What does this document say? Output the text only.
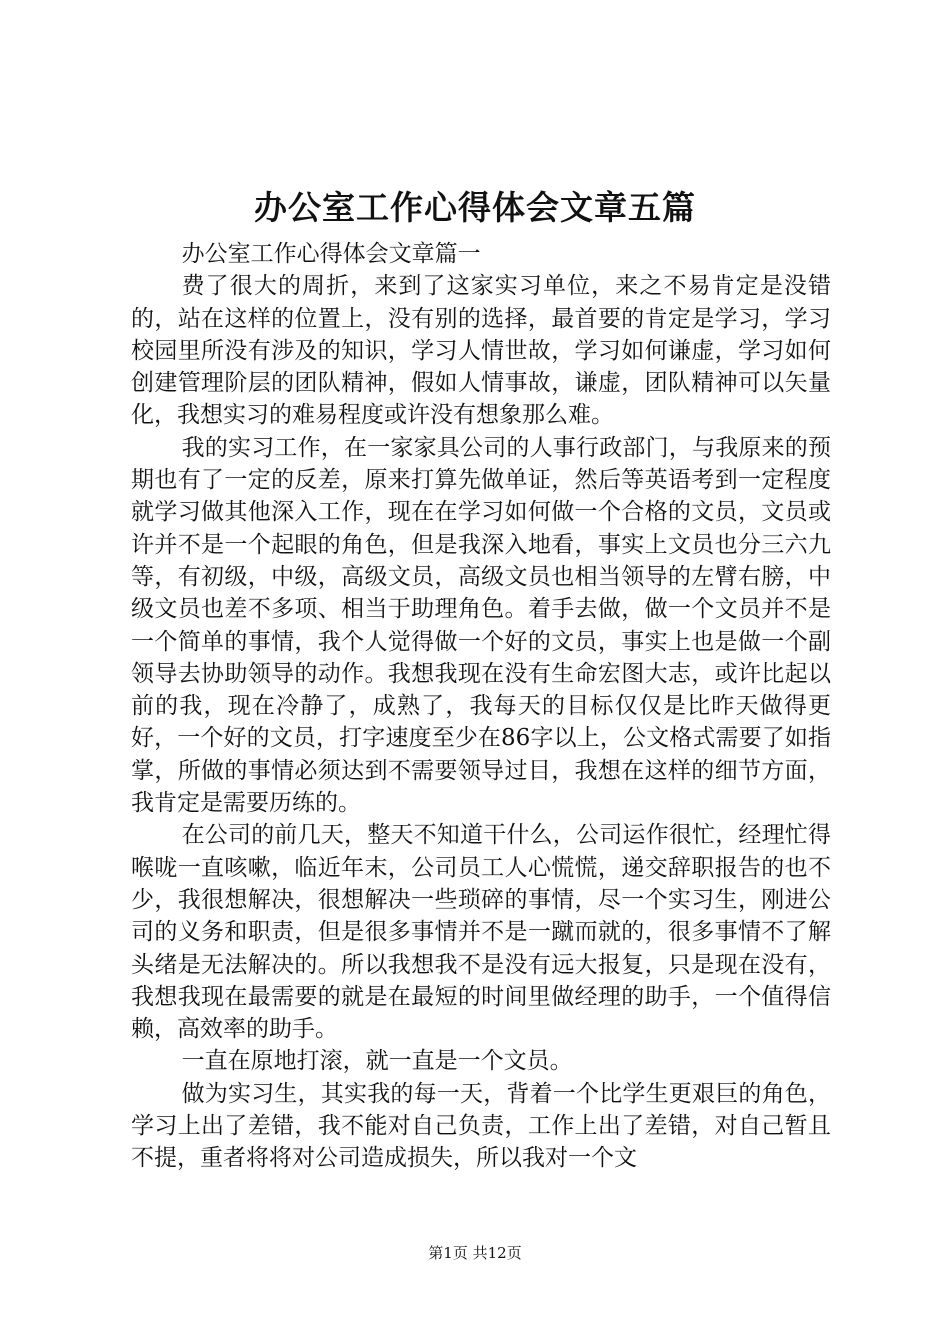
办公室工作心得体会文章五篇

办公室工作心得体会文章篇一

费了很大的周折，来到了这家实习单位，来之不易肯定是没错的，站在这样的位置上，没有别的选择，最首要的肯定是学习，学习校园里所没有涉及的知识，学习人情世故，学习如何谦虚，学习如何创建管理阶层的团队精神，假如人情事故，谦虚，团队精神可以矢量化，我想实习的难易程度或许没有想象那么难。

我的实习工作，在一家家具公司的人事行政部门，与我原来的预期也有了一定的反差，原来打算先做单证，然后等英语考到一定程度就学习做其他深入工作，现在在学习如何做一个合格的文员，文员或许并不是一个起眼的角色，但是我深入地看，事实上文员也分三六九等，有初级，中级，高级文员，高级文员也相当领导的左臂右膀，中级文员也差不多项、相当于助理角色。着手去做，做一个文员并不是一个简单的事情，我个人觉得做一个好的文员，事实上也是做一个副领导去协助领导的动作。我想我现在没有生命宏图大志，或许比起以前的我，现在冷静了，成熟了，我每天的目标仅仅是比昨天做得更好，一个好的文员，打字速度至少在86字以上，公文格式需要了如指掌，所做的事情必须达到不需要领导过目，我想在这样的细节方面，我肯定是需要历练的。

在公司的前几天，整天不知道干什么，公司运作很忙，经理忙得喉咙一直咳嗽，临近年末，公司员工人心慌慌，递交辞职报告的也不少，我很想解决，很想解决一些琐碎的事情，尽一个实习生，刚进公司的义务和职责，但是很多事情并不是一蹴而就的，很多事情不了解头绪是无法解决的。所以我想我不是没有远大报复，只是现在没有，我想我现在最需要的就是在最短的时间里做经理的助手，一个值得信赖，高效率的助手。

一直在原地打滚，就一直是一个文员。

做为实习生，其实我的每一天，背着一个比学生更艰巨的角色，学习上出了差错，我不能对自己负责，工作上出了差错，对自己暂且不提，重者将将对公司造成损失，所以我对一个文

第1页 共12页
